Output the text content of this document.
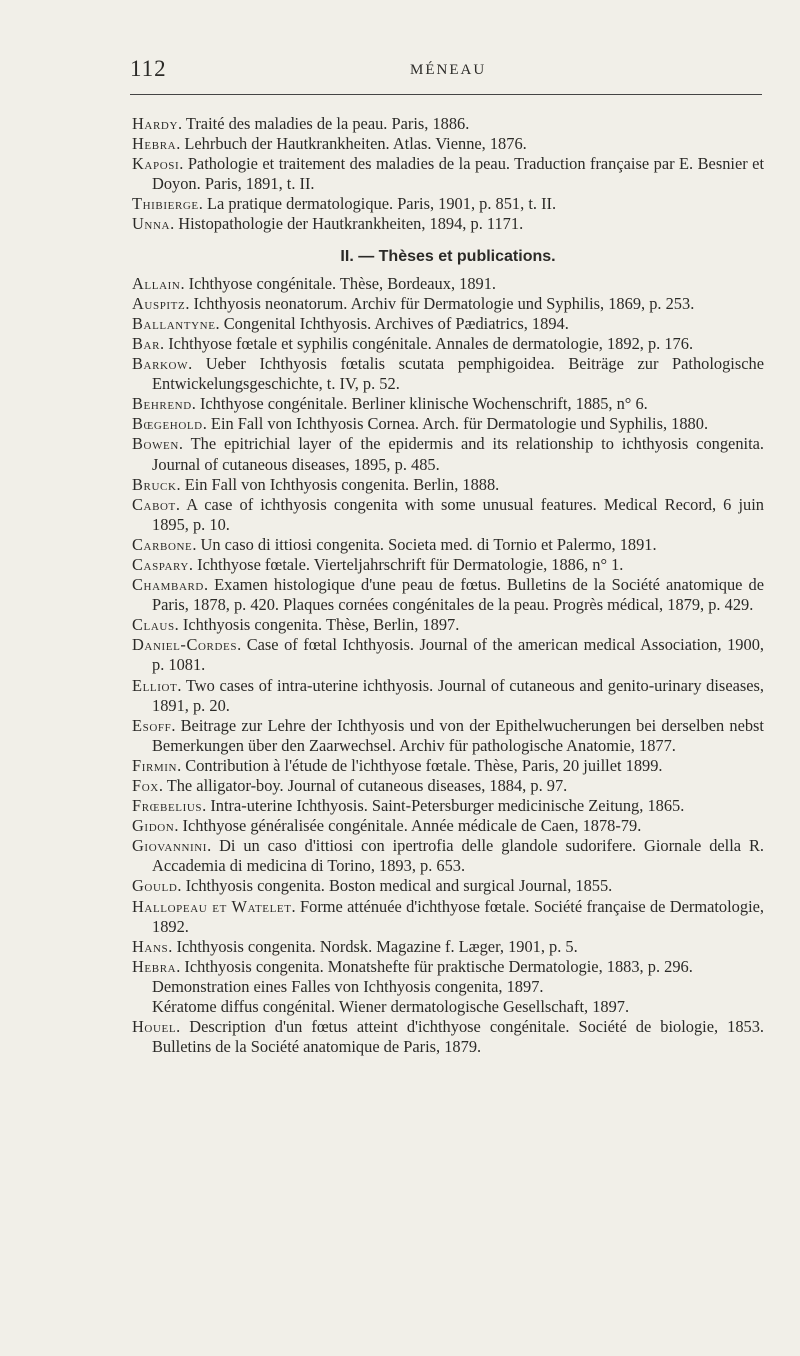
112	MÉNEAU

Hardy. Traité des maladies de la peau. Paris, 1886.

Hebra. Lehrbuch der Hautkrankheiten. Atlas. Vienne, 1876.

Kaposi. Pathologie et traitement des maladies de la peau. Traduction française par E. Besnier et Doyon. Paris, 1891, t. II.

Thibierge. La pratique dermatologique. Paris, 1901, p. 851, t. II.

Unna. Histopathologie der Hautkrankheiten, 1894, p. 1171.

II. — Thèses et publications.

Allain. Ichthyose congénitale. Thèse, Bordeaux, 1891.

Auspitz. Ichthyosis neonatorum. Archiv für Dermatologie und Syphilis, 1869, p. 253.

Ballantyne. Congenital Ichthyosis. Archives of Pædiatrics, 1894.

Bar. Ichthyose fœtale et syphilis congénitale. Annales de dermatologie, 1892, p. 176.

Barkow. Ueber Ichthyosis fœtalis scutata pemphigoidea. Beiträge zur Pathologische Entwickelungsgeschichte, t. IV, p. 52.

Behrend. Ichthyose congénitale. Berliner klinische Wochenschrift, 1885, n° 6.

Bœgehold. Ein Fall von Ichthyosis Cornea. Arch. für Dermatologie und Syphilis, 1880.

Bowen. The epitrichial layer of the epidermis and its relationship to ichthyosis congenita. Journal of cutaneous diseases, 1895, p. 485.

Bruck. Ein Fall von Ichthyosis congenita. Berlin, 1888.

Cabot. A case of ichthyosis congenita with some unusual features. Medical Record, 6 juin 1895, p. 10.

Carbone. Un caso di ittiosi congenita. Societa med. di Tornio et Palermo, 1891.

Caspary. Ichthyose fœtale. Vierteljahrschrift für Dermatologie, 1886, n° 1.

Chambard. Examen histologique d'une peau de fœtus. Bulletins de la Société anatomique de Paris, 1878, p. 420. Plaques cornées congénitales de la peau. Progrès médical, 1879, p. 429.

Claus. Ichthyosis congenita. Thèse, Berlin, 1897.

Daniel-Cordes. Case of fœtal Ichthyosis. Journal of the american medical Association, 1900, p. 1081.

Elliot. Two cases of intra-uterine ichthyosis. Journal of cutaneous and genito-urinary diseases, 1891, p. 20.

Esoff. Beitrage zur Lehre der Ichthyosis und von der Epithelwucherungen bei derselben nebst Bemerkungen über den Zaarwechsel. Archiv für pathologische Anatomie, 1877.

Firmin. Contribution à l'étude de l'ichthyose fœtale. Thèse, Paris, 20 juillet 1899.

Fox. The alligator-boy. Journal of cutaneous diseases, 1884, p. 97.

Frœbelius. Intra-uterine Ichthyosis. Saint-Petersburger medicinische Zeitung, 1865.

Gidon. Ichthyose généralisée congénitale. Année médicale de Caen, 1878-79.

Giovannini. Di un caso d'ittiosi con ipertrofia delle glandole sudorifere. Giornale della R. Accademia di medicina di Torino, 1893, p. 653.

Gould. Ichthyosis congenita. Boston medical and surgical Journal, 1855.

Hallopeau et Watelet. Forme atténuée d'ichthyose fœtale. Société française de Dermatologie, 1892.

Hans. Ichthyosis congenita. Nordsk. Magazine f. Læger, 1901, p. 5.

Hebra. Ichthyosis congenita. Monatshefte für praktische Dermatologie, 1883, p. 296.

Demonstration eines Falles von Ichthyosis congenita, 1897.

Kératome diffus congénital. Wiener dermatologische Gesellschaft, 1897.

Houel. Description d'un fœtus atteint d'ichthyose congénitale. Société de biologie, 1853. Bulletins de la Société anatomique de Paris, 1879.
